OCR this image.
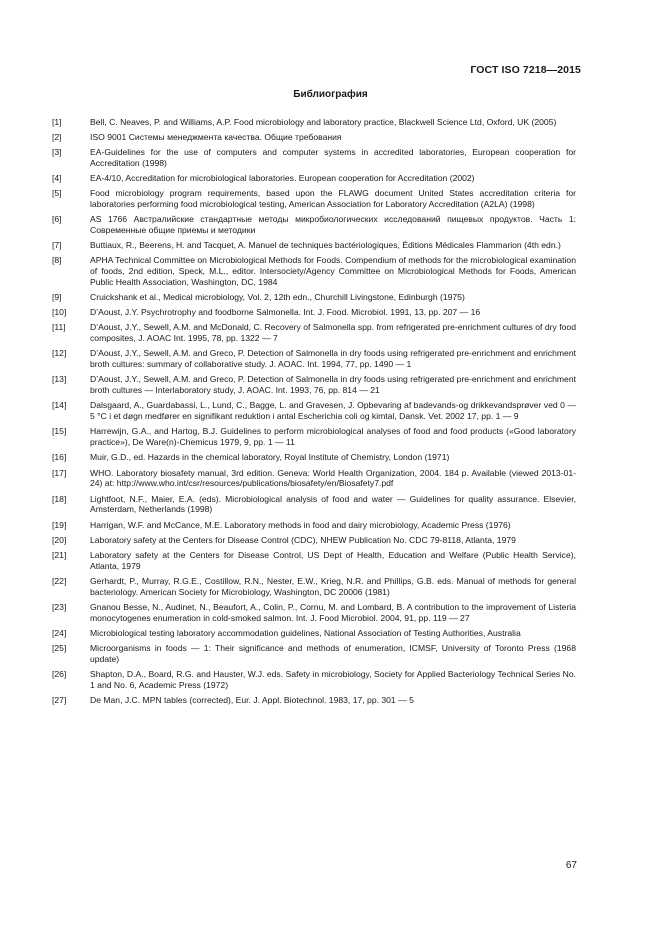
ГОСТ ISO 7218—2015
Библиография
[1]	Bell, C. Neaves, P. and Williams, A.P. Food microbiology and laboratory practice, Blackwell Science Ltd, Oxford, UK (2005)
[2]	ISO 9001 Системы менеджмента качества. Общие требования
[3]	EA-Guidelines for the use of computers and computer systems in accredited laboratories, European cooperation for Accreditation (1998)
[4]	EA-4/10, Accreditation for microbiological laboratories. European cooperation for Accreditation (2002)
[5]	Food microbiology program requirements, based upon the FLAWG document United States accreditation criteria for laboratories performing food microbiological testing, American Association for Laboratory Accreditation (A2LA) (1998)
[6]	AS 1766 Австралийские стандартные методы микробиологических исследований пищевых продуктов. Часть 1: Современные общие приемы и методики
[7]	Buttiaux, R., Beerens, H. and Tacquet, A. Manuel de techniques bactériologiques, Éditions Médicales Flammarion (4th edn.)
[8]	APHA Technical Committee on Microbiological Methods for Foods. Compendium of methods for the microbiological examination of foods, 2nd edition, Speck, M.L., editor. Intersociety/Agency Committee on Microbiological Methods for Foods, American Public Health Association, Washington, DC, 1984
[9]	Cruickshank et al., Medical microbiology, Vol. 2, 12th edn., Churchill Livingstone, Edinburgh (1975)
[10]	D’Aoust, J.Y. Psychrotrophy and foodborne Salmonella. Int. J. Food. Microbiol. 1991, 13, pp. 207 — 16
[11]	D’Aoust, J.Y., Sewell, A.M. and McDonald, C. Recovery of Salmonella spp. from refrigerated pre-enrichment cultures of dry food composites, J. AOAC Int. 1995, 78, pp. 1322 — 7
[12]	D’Aoust, J.Y., Sewell, A.M. and Greco, P. Detection of Salmonella in dry foods using refrigerated pre-enrichment and enrichment broth cultures: summary of collaborative study. J. AOAC. Int. 1994, 77, pp. 1490 — 1
[13]	D’Aoust, J.Y., Sewell, A.M. and Greco, P. Detection of Salmonella in dry foods using refrigerated pre-enrichment and enrichment broth cultures — Interlaboratory study, J. AOAC. Int. 1993, 76, pp. 814 — 21
[14]	Dalsgaard, A., Guardabassi, L., Lund, C., Bagge, L. and Gravesen, J. Opbevaring af badevands-og drikkevandsprøver ved 0 — 5 °C i et døgn medfører en signifikant reduktion i antal Escherichia coli og kimtal, Dansk. Vet. 2002 17, pp. 1 — 9
[15]	Harrewijn, G.A., and Hartog, B.J. Guidelines to perform microbiological analyses of food and food products («Good laboratory practice»), De Ware(n)-Chemicus 1979, 9, pp. 1 — 11
[16]	Muir, G.D., ed. Hazards in the chemical laboratory, Royal Institute of Chemistry, London (1971)
[17]	WHO. Laboratory biosafety manual, 3rd edition. Geneva: World Health Organization, 2004. 184 p. Available (viewed 2013-01-24) at: http://www.who.int/csr/resources/publications/biosafety/en/Biosafety7.pdf
[18]	Lightfoot, N.F., Maier, E.A. (eds). Microbiological analysis of food and water — Guidelines for quality assurance. Elsevier, Amsterdam, Netherlands (1998)
[19]	Harrigan, W.F. and McCance, M.E. Laboratory methods in food and dairy microbiology, Academic Press (1976)
[20]	Laboratory safety at the Centers for Disease Control (CDC), NHEW Publication No. CDC 79-8118, Atlanta, 1979
[21]	Laboratory safety at the Centers for Disease Control, US Dept of Health, Education and Welfare (Public Health Service), Atlanta, 1979
[22]	Gerhardt, P., Murray, R.G.E., Costillow, R.N., Nester, E.W., Krieg, N.R. and Phillips, G.B. eds. Manual of methods for general bacteriology. American Society for Microbiology, Washington, DC 20006 (1981)
[23]	Gnanou Besse, N., Audinet, N., Beaufort, A., Colin, P., Cornu, M. and Lombard, B. A contribution to the improvement of Listeria monocytogenes enumeration in cold-smoked salmon. Int. J. Food Microbiol. 2004, 91, pp. 119 — 27
[24]	Microbiological testing laboratory accommodation guidelines, National Association of Testing Authorities, Australia
[25]	Microorganisms in foods — 1: Their significance and methods of enumeration, ICMSF, University of Toronto Press (1968 update)
[26]	Shapton, D.A., Board, R.G. and Hauster, W.J. eds. Safety in microbiology, Society for Applied Bacteriology Technical Series No. 1 and No. 6, Academic Press (1972)
[27]	De Man, J.C. MPN tables (corrected), Eur. J. Appl. Biotechnol. 1983, 17, pp. 301 — 5
67
